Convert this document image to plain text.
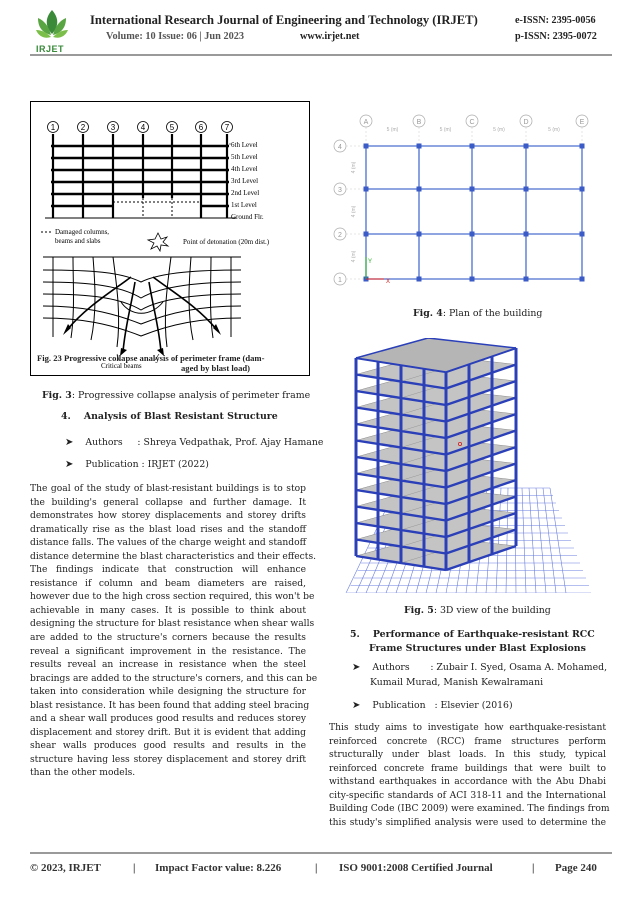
IRJET
International Research Journal of Engineering and Technology (IRJET)	e-ISSN: 2395-0056
Volume: 10 Issue: 06 | Jun 2023	www.irjet.net	p-ISSN: 2395-0072
1	2	3	4	5	6	7
6th Level
5th Level
4th Level
3rd Level
2nd Level
1st Level
Ground Flr.
Damaged columns,
beams and slabs	Point of detonation (20m dist.)
Critical beams
Fig. 23 Progressive collapse analysis of perimeter frame (dam-
aged by blast load)
Fig. 3: Progressive collapse analysis of perimeter frame
4.    Analysis of Blast Resistant Structure
➤ Authors     : Shreya Vedpathak, Prof. Ajay Hamane
➤ Publication : IRJET (2022)
The goal of the study of blast-resistant buildings is to stop
the building's general collapse and further damage. It
demonstrates how storey displacements and storey drifts
dramatically rise as the blast load rises and the standoff
distance falls. The values of the charge weight and standoff
distance determine the blast characteristics and their effects.
The findings indicate that construction will enhance
resistance if column and beam diameters are raised,
however due to the high cross section required, this won't be
achievable in many cases. It is possible to think about
designing the structure for blast resistance when shear walls
are added to the structure's corners because the results
reveal a significant improvement in the resistance. The
results reveal an increase in resistance when the steel
bracings are added to the structure's corners, and this can be
taken into consideration while designing the structure for
blast resistance. It has been found that adding steel bracing
and a shear wall produces good results and reduces storey
displacement and storey drift. But it is evident that adding
shear walls produces good results and results in the
structure having less storey displacement and storey drift
than the other models.
A	B	C	D	E
4
3
2
1
5 (m)	5 (m)	5 (m)	5 (m)
4 (m)
4 (m)
4 (m)
X
Y
Fig. 4: Plan of the building
Fig. 5: 3D view of the building
5.    Performance of Earthquake-resistant RCC
Frame Structures under Blast Explosions
➤ Authors       : Zubair I. Syed, Osama A. Mohamed,
Kumail Murad, Manish Kewalramani
➤ Publication   : Elsevier (2016)
This study aims to investigate how earthquake-resistant
reinforced concrete (RCC) frame structures perform
structurally under blast loads. In this study, typical
reinforced concrete frame buildings that were built to
withstand earthquakes in accordance with the Abu Dhabi
city-specific standards of ACI 318-11 and the International
Building Code (IBC 2009) were examined. The findings from
this study's simplified analysis were used to determine the
© 2023, IRJET	| Impact Factor value: 8.226	| ISO 9001:2008 Certified Journal	| Page 240
